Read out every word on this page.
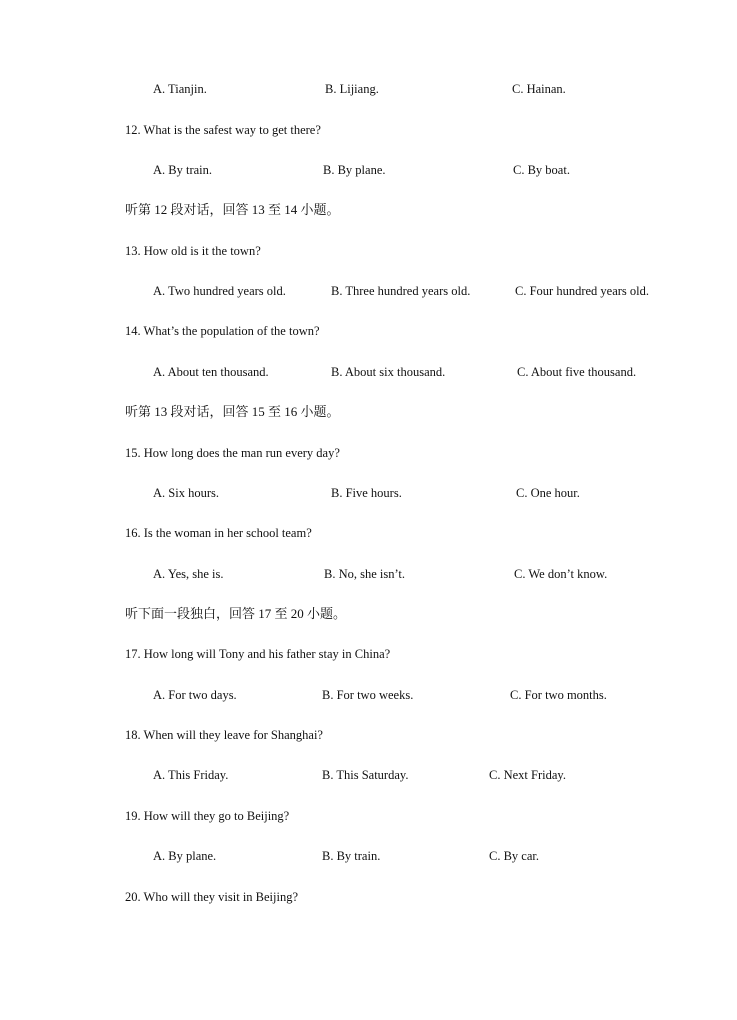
A. Tianjin.	B. Lijiang.	C. Hainan.
12. What is the safest way to get there?
A. By train.	B. By plane.	C. By boat.
听第 12 段对话，回答 13 至 14 小题。
13. How old is it the town?
A. Two hundred years old.	B. Three hundred years old.	C. Four hundred years old.
14. What’s the population of the town?
A. About ten thousand.	B. About six thousand.	C. About five thousand.
听第 13 段对话，回答 15 至 16 小题。
15. How long does the man run every day?
A. Six hours.	B. Five hours.	C. One hour.
16. Is the woman in her school team?
A. Yes, she is.	B. No, she isn’t.	C. We don’t know.
听下面一段独白，回答 17 至 20 小题。
17. How long will Tony and his father stay in China?
A. For two days.	B. For two weeks.	C. For two months.
18. When will they leave for Shanghai?
A. This Friday.	B. This Saturday.	C. Next Friday.
19. How will they go to Beijing?
A. By plane.	B. By train.	C. By car.
20. Who will they visit in Beijing?
